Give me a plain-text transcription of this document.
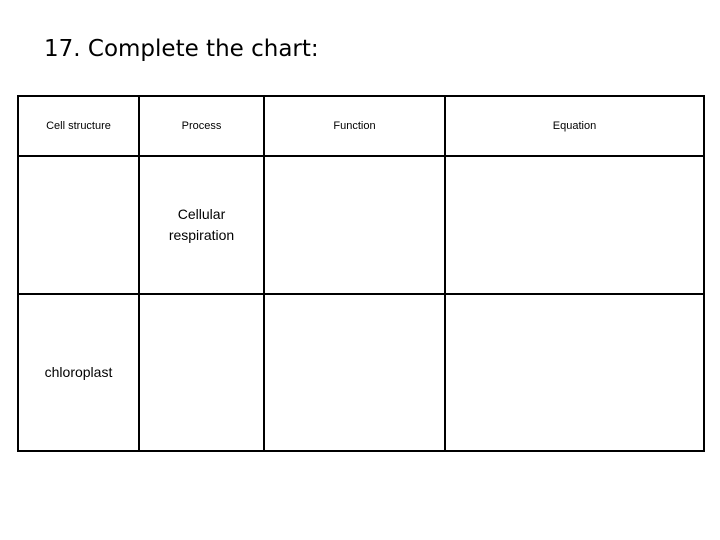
17. Complete the chart:
Cell structure	Process	Function	Equation
	Cellular respiration		
chloroplast			
